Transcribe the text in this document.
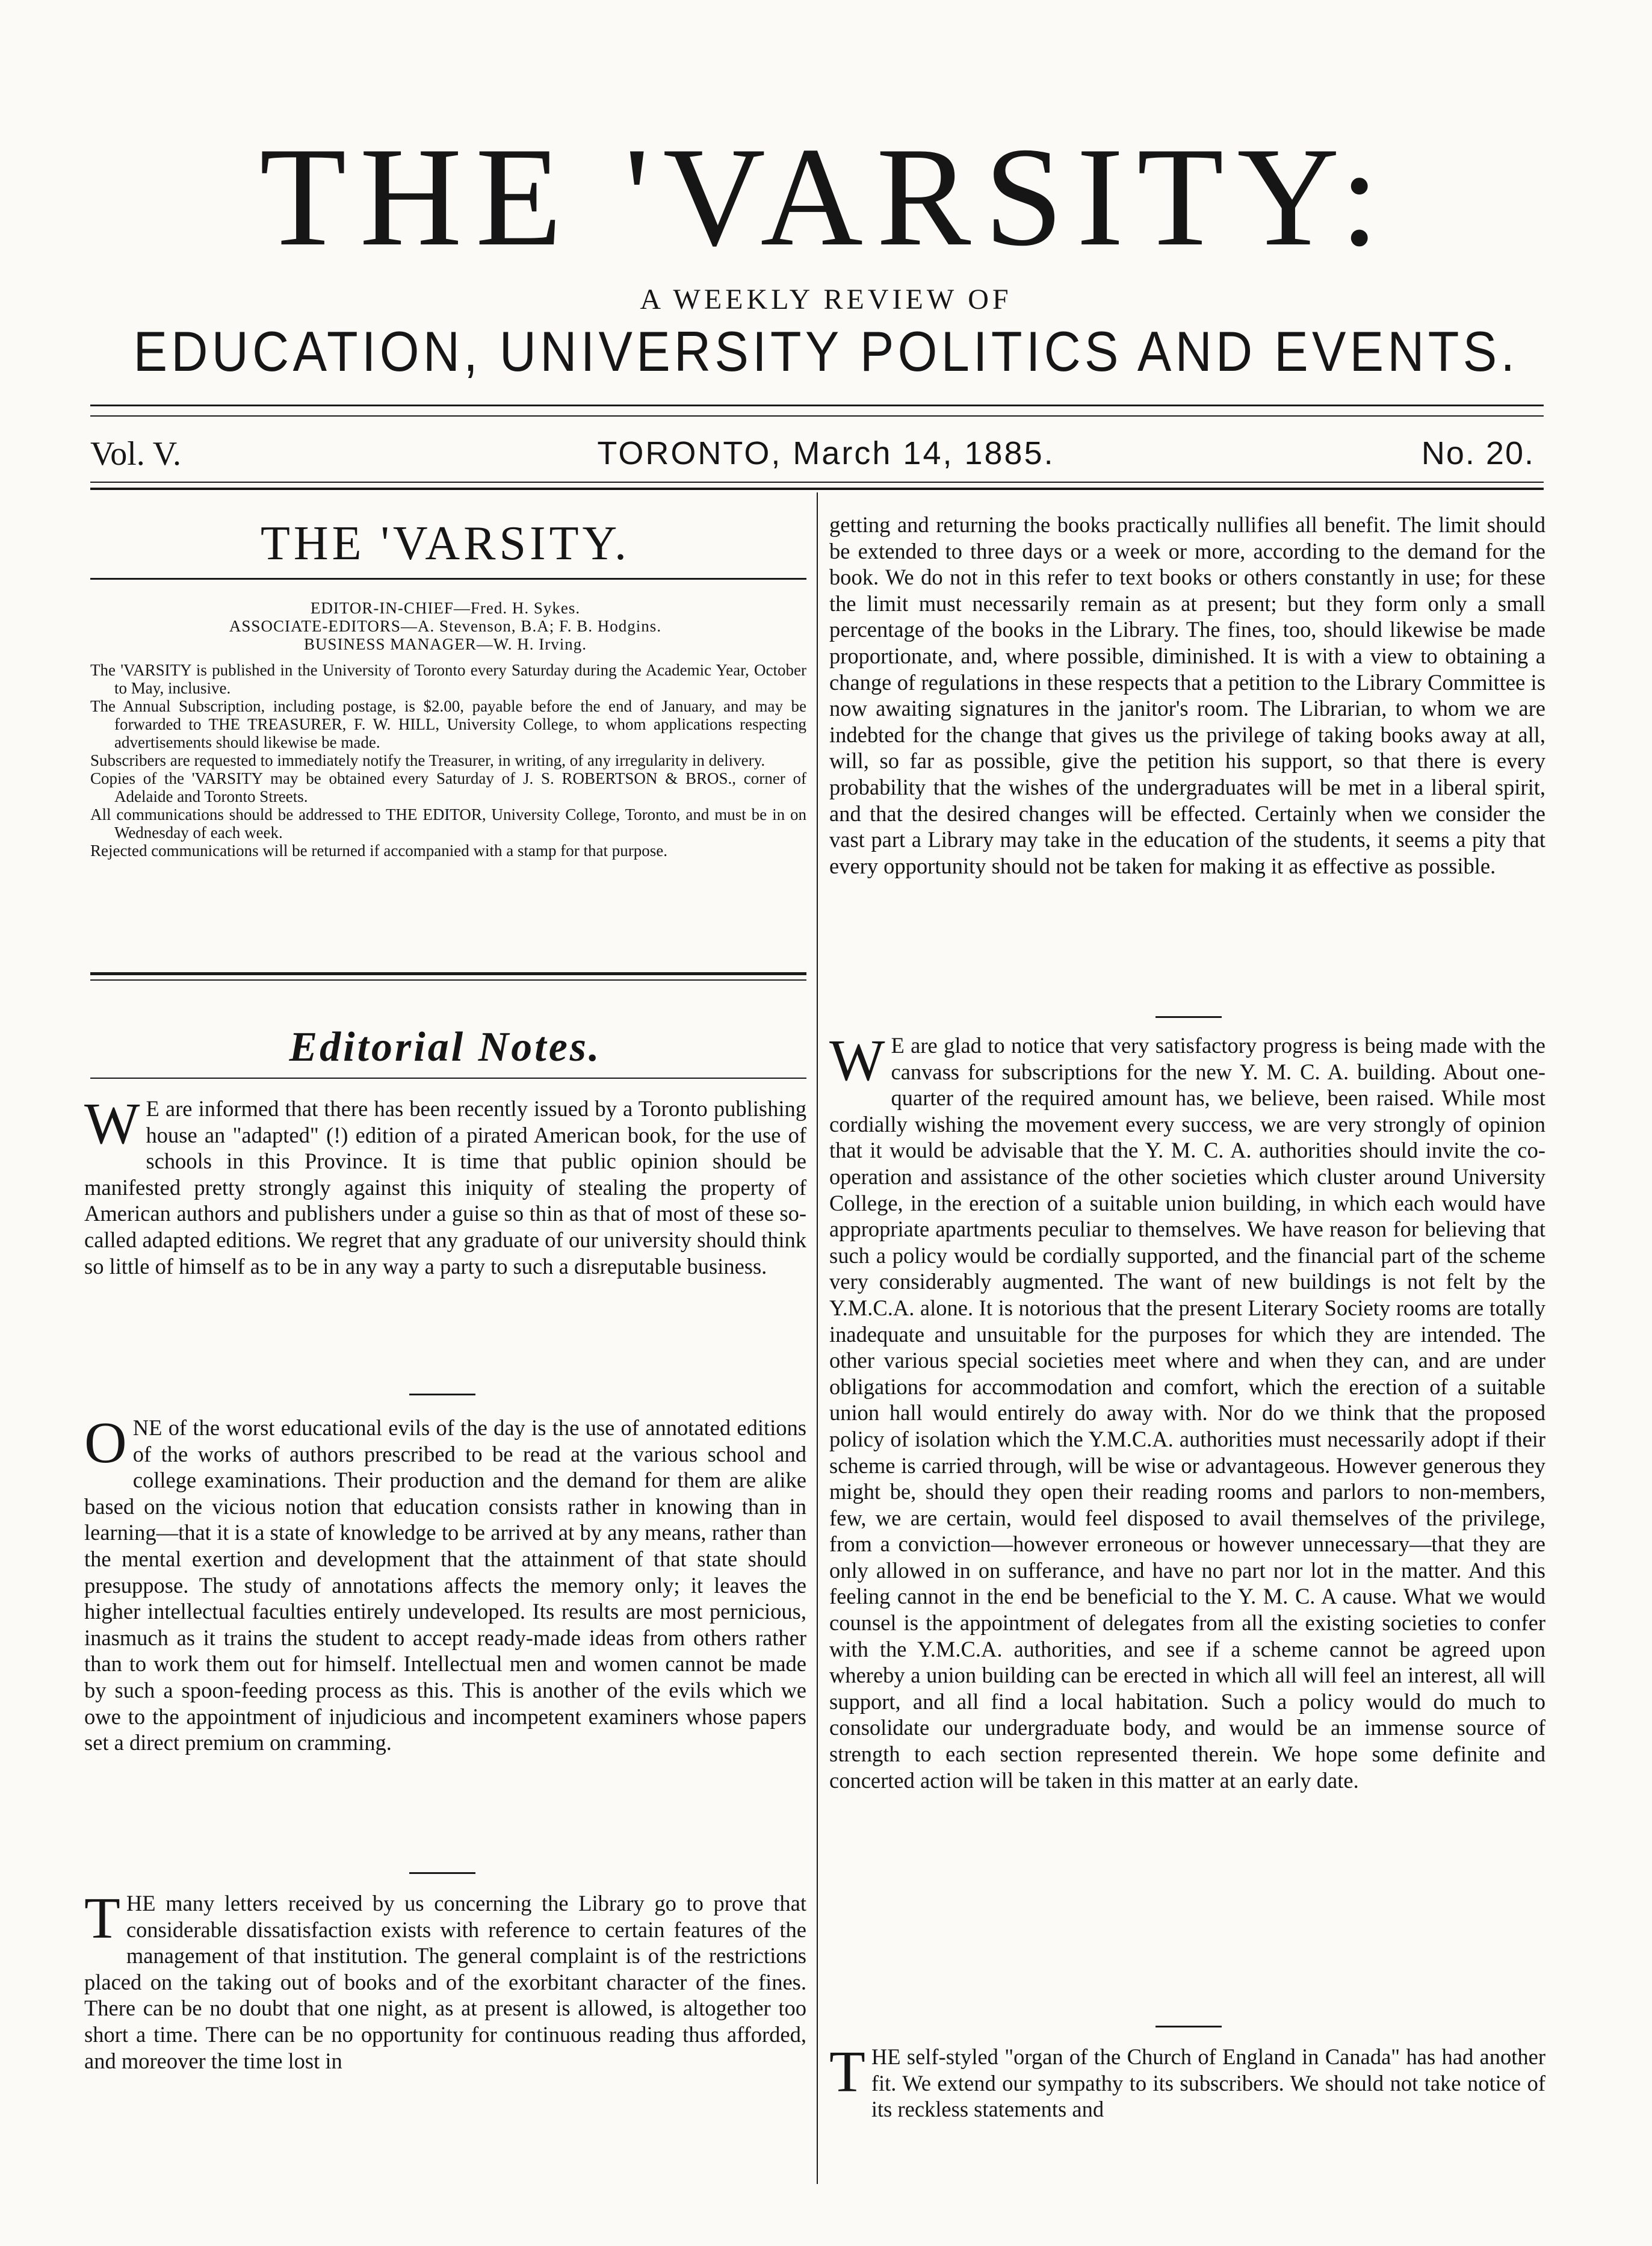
THE 'VARSITY:
A WEEKLY REVIEW OF
EDUCATION, UNIVERSITY POLITICS AND EVENTS.
Vol. V.	TORONTO, March 14, 1885.	No. 20.
THE 'VARSITY.
EDITOR-IN-CHIEF—Fred. H. Sykes.
ASSOCIATE-EDITORS—A. Stevenson, B.A; F. B. Hodgins.
BUSINESS MANAGER—W. H. Irving.

The 'VARSITY is published in the University of Toronto every Saturday during the Academic Year, October to May, inclusive.

The Annual Subscription, including postage, is $2.00, payable before the end of January, and may be forwarded to THE TREASURER, F. W. HILL, University College, to whom applications respecting advertisements should likewise be made.

Subscribers are requested to immediately notify the Treasurer, in writing, of any irregularity in delivery.

Copies of the 'VARSITY may be obtained every Saturday of J. S. ROBERTSON & BROS., corner of Adelaide and Toronto Streets.

All communications should be addressed to THE EDITOR, University College, Toronto, and must be in on Wednesday of each week.

Rejected communications will be returned if accompanied with a stamp for that purpose.

Editorial Notes.

W E are informed that there has been recently issued by a Toronto publishing house an "adapted" (!) edition of a pirated American book, for the use of schools in this Province. It is time that public opinion should be manifested pretty strongly against this iniquity of stealing the property of American authors and publishers under a guise so thin as that of most of these so-called adapted editions. We regret that any graduate of our university should think so little of himself as to be in any way a party to such a disreputable business.

ONE of the worst educational evils of the day is the use of annotated editions of the works of authors prescribed to be read at the various school and college examinations. Their production and the demand for them are alike based on the vicious notion that education consists rather in knowing than in learning—that it is a state of knowledge to be arrived at by any means, rather than the mental exertion and development that the attainment of that state should presuppose. The study of annotations affects the memory only; it leaves the higher intellectual faculties entirely undeveloped. Its results are most pernicious, inasmuch as it trains the student to accept ready-made ideas from others rather than to work them out for himself. Intellectual men and women cannot be made by such a spoon-feeding process as this. This is another of the evils which we owe to the appointment of injudicious and incompetent examiners whose papers set a direct premium on cramming.

THE many letters received by us concerning the Library go to prove that considerable dissatisfaction exists with reference to certain features of the management of that institution. The general complaint is of the restrictions placed on the taking out of books and of the exorbitant character of the fines. There can be no doubt that one night, as at present is allowed, is altogether too short a time. There can be no opportunity for continuous reading thus afforded, and moreover the time lost in

getting and returning the books practically nullifies all benefit. The limit should be extended to three days or a week or more, according to the demand for the book. We do not in this refer to text books or others constantly in use; for these the limit must necessarily remain as at present; but they form only a small percentage of the books in the Library. The fines, too, should likewise be made proportionate, and, where possible, diminished. It is with a view to obtaining a change of regulations in these respects that a petition to the Library Committee is now awaiting signatures in the janitor's room. The Librarian, to whom we are indebted for the change that gives us the privilege of taking books away at all, will, so far as possible, give the petition his support, so that there is every probability that the wishes of the undergraduates will be met in a liberal spirit, and that the desired changes will be effected. Certainly when we consider the vast part a Library may take in the education of the students, it seems a pity that every opportunity should not be taken for making it as effective as possible.

W E are glad to notice that very satisfactory progress is being made with the canvass for subscriptions for the new Y. M. C. A. building. About one-quarter of the required amount has, we believe, been raised. While most cordially wishing the movement every success, we are very strongly of opinion that it would be advisable that the Y. M. C. A. authorities should invite the co-operation and assistance of the other societies which cluster around University College, in the erection of a suitable union building, in which each would have appropriate apartments peculiar to themselves. We have reason for believing that such a policy would be cordially supported, and the financial part of the scheme very considerably augmented. The want of new buildings is not felt by the Y.M.C.A. alone. It is notorious that the present Literary Society rooms are totally inadequate and unsuitable for the purposes for which they are intended. The other various special societies meet where and when they can, and are under obligations for accommodation and comfort, which the erection of a suitable union hall would entirely do away with. Nor do we think that the proposed policy of isolation which the Y.M.C.A. authorities must necessarily adopt if their scheme is carried through, will be wise or advantageous. However generous they might be, should they open their reading rooms and parlors to non-members, few, we are certain, would feel disposed to avail themselves of the privilege, from a conviction—however erroneous or however unnecessary—that they are only allowed in on sufferance, and have no part nor lot in the matter. And this feeling cannot in the end be beneficial to the Y. M. C. A cause. What we would counsel is the appointment of delegates from all the existing societies to confer with the Y.M.C.A. authorities, and see if a scheme cannot be agreed upon whereby a union building can be erected in which all will feel an interest, all will support, and all find a local habitation. Such a policy would do much to consolidate our undergraduate body, and would be an immense source of strength to each section represented therein. We hope some definite and concerted action will be taken in this matter at an early date.

THE self-styled "organ of the Church of England in Canada" has had another fit. We extend our sympathy to its subscribers. We should not take notice of its reckless statements and
